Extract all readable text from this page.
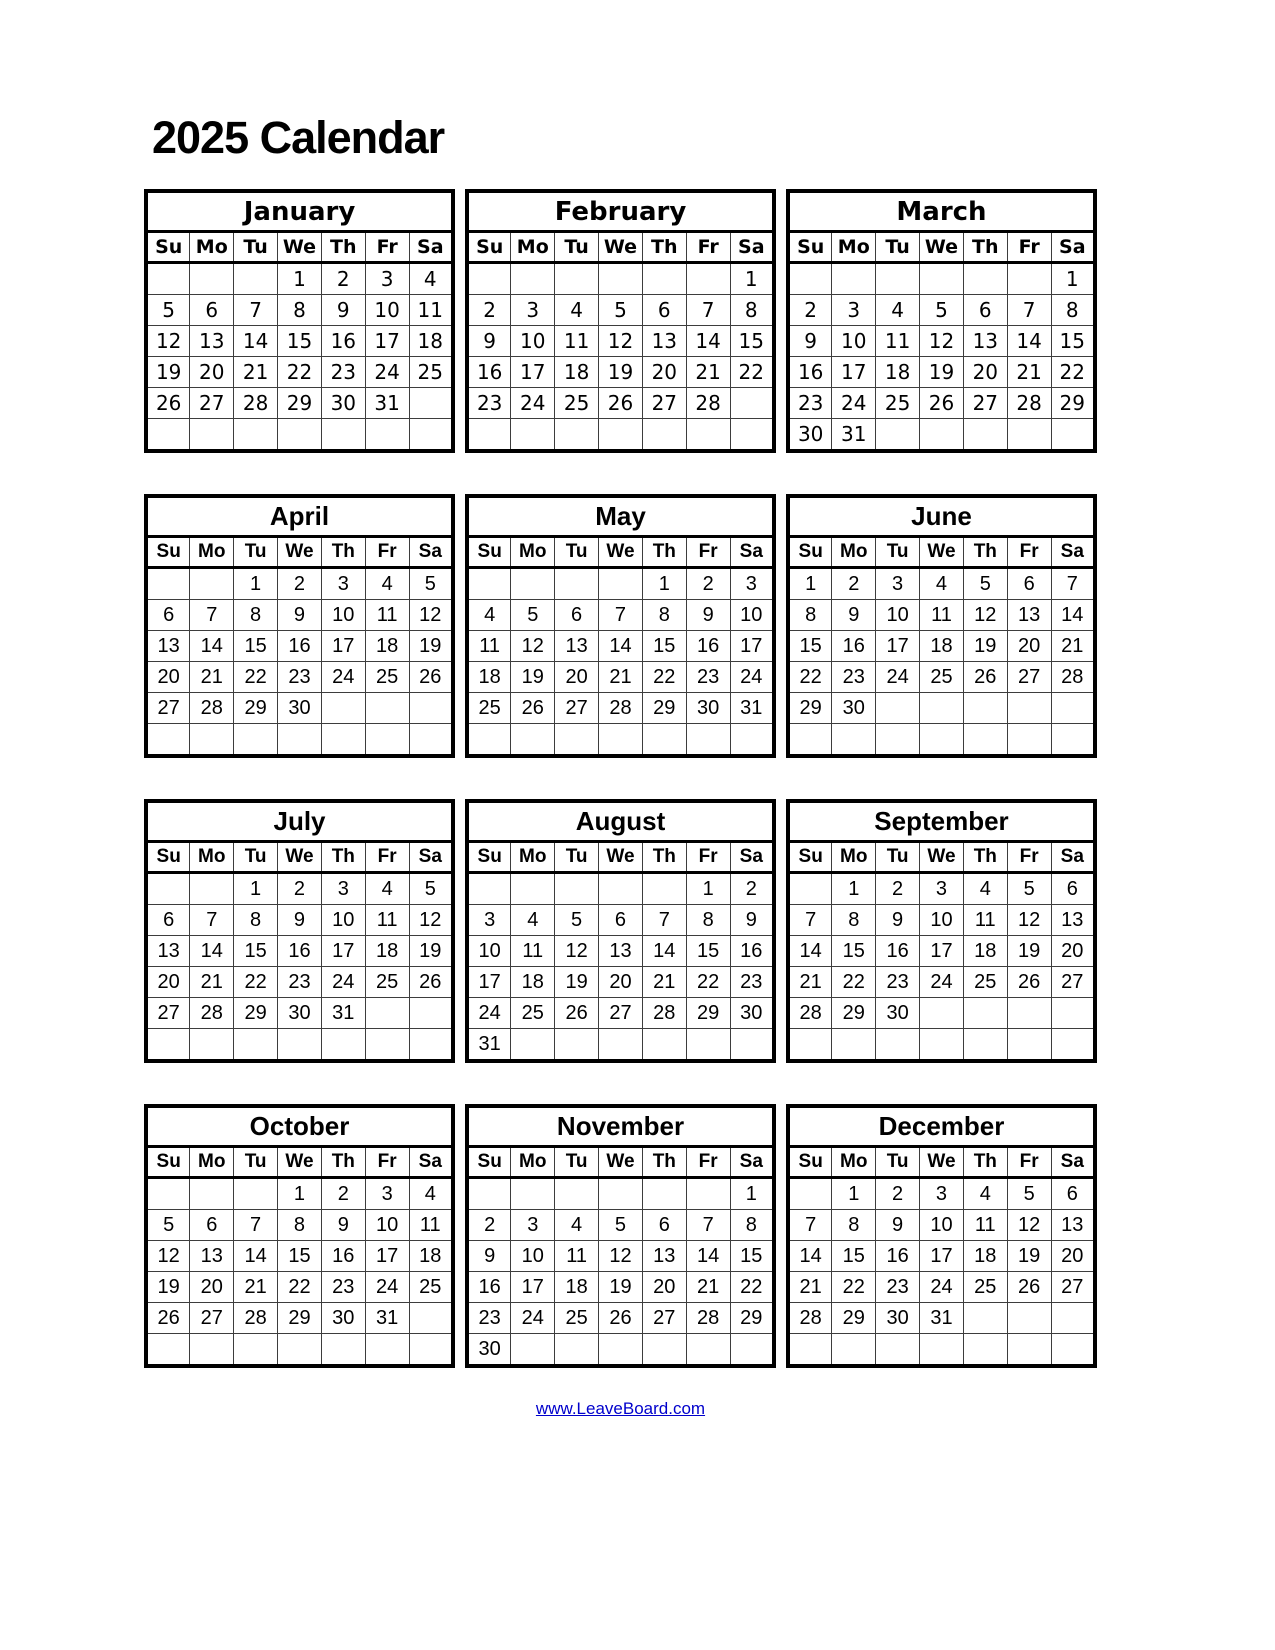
2025 Calendar
January						
Su	Mo	Tu	We	Th	Fr	Sa
			1	2	3	4
5	6	7	8	9	10	11
12	13	14	15	16	17	18
19	20	21	22	23	24	25
26	27	28	29	30	31	

February						
Su	Mo	Tu	We	Th	Fr	Sa
						1
2	3	4	5	6	7	8
9	10	11	12	13	14	15
16	17	18	19	20	21	22
23	24	25	26	27	28	

March						
Su	Mo	Tu	We	Th	Fr	Sa
						1
2	3	4	5	6	7	8
9	10	11	12	13	14	15
16	17	18	19	20	21	22
23	24	25	26	27	28	29
30	31					
April						
Su	Mo	Tu	We	Th	Fr	Sa
		1	2	3	4	5
6	7	8	9	10	11	12
13	14	15	16	17	18	19
20	21	22	23	24	25	26
27	28	29	30			

May						
Su	Mo	Tu	We	Th	Fr	Sa
				1	2	3
4	5	6	7	8	9	10
11	12	13	14	15	16	17
18	19	20	21	22	23	24
25	26	27	28	29	30	31

June						
Su	Mo	Tu	We	Th	Fr	Sa
1	2	3	4	5	6	7
8	9	10	11	12	13	14
15	16	17	18	19	20	21
22	23	24	25	26	27	28
29	30					

July						
Su	Mo	Tu	We	Th	Fr	Sa
		1	2	3	4	5
6	7	8	9	10	11	12
13	14	15	16	17	18	19
20	21	22	23	24	25	26
27	28	29	30	31		

August						
Su	Mo	Tu	We	Th	Fr	Sa
					1	2
3	4	5	6	7	8	9
10	11	12	13	14	15	16
17	18	19	20	21	22	23
24	25	26	27	28	29	30
31						
September						
Su	Mo	Tu	We	Th	Fr	Sa
	1	2	3	4	5	6
7	8	9	10	11	12	13
14	15	16	17	18	19	20
21	22	23	24	25	26	27
28	29	30				

October						
Su	Mo	Tu	We	Th	Fr	Sa
			1	2	3	4
5	6	7	8	9	10	11
12	13	14	15	16	17	18
19	20	21	22	23	24	25
26	27	28	29	30	31	

November						
Su	Mo	Tu	We	Th	Fr	Sa
						1
2	3	4	5	6	7	8
9	10	11	12	13	14	15
16	17	18	19	20	21	22
23	24	25	26	27	28	29
30						
December						
Su	Mo	Tu	We	Th	Fr	Sa
	1	2	3	4	5	6
7	8	9	10	11	12	13
14	15	16	17	18	19	20
21	22	23	24	25	26	27
28	29	30	31			

www.LeaveBoard.com
